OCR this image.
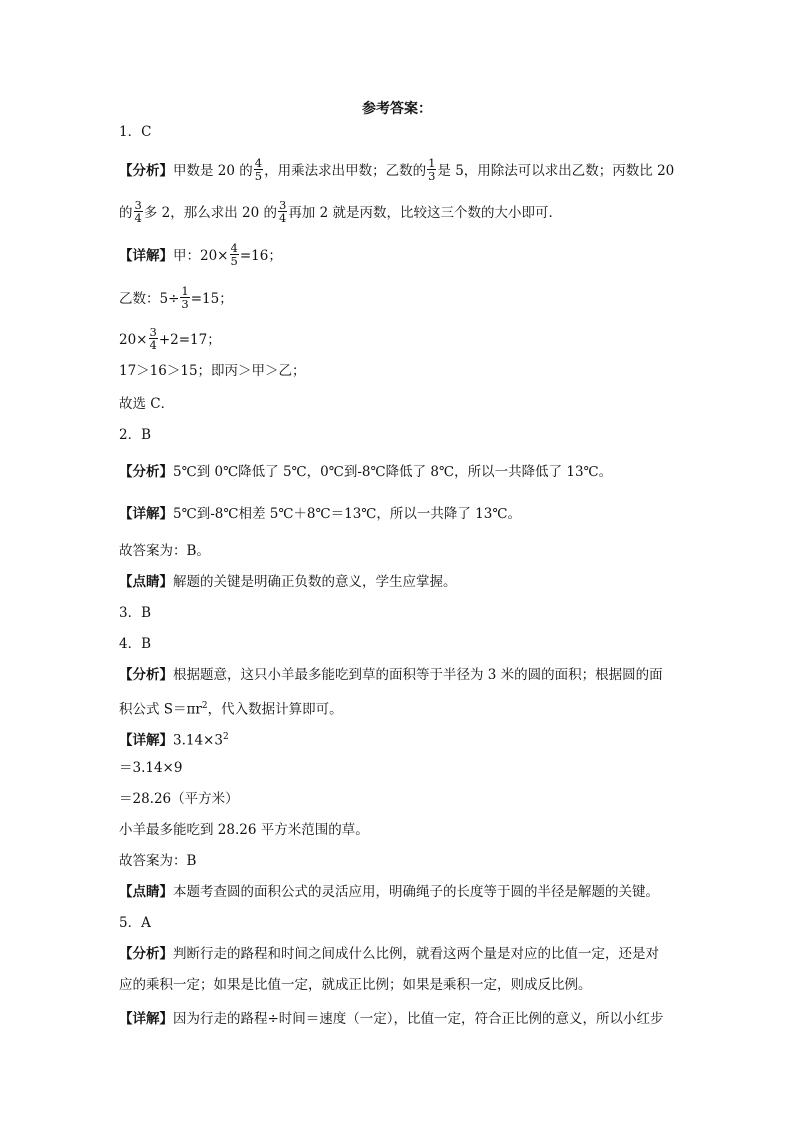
参考答案：
1．C
【分析】甲数是 20 的 $\frac{4}{5}$ ，用乘法求出甲数；乙数的 $\frac{1}{3}$ 是 5，用除法可以求出乙数；丙数比 20
的 $\frac{3}{4}$ 多 2，那么求出 20 的 $\frac{3}{4}$ 再加 2 就是丙数，比较这三个数的大小即可．
【详解】甲：$20\times \frac{4}{5} =16$；
乙数：$5\div \frac{1}{3} =15$；
$20\times \frac{3}{4} +2=17$；
17＞16＞15；即丙＞甲＞乙；
故选 C．
2．B
【分析】5℃到 0℃降低了 5℃，0℃到-8℃降低了 8℃，所以一共降低了 13℃。
【详解】5℃到-8℃相差 5℃＋8℃＝13℃，所以一共降了 13℃。
故答案为：B。
【点睛】解题的关键是明确正负数的意义，学生应掌握。
3．B
4．B
【分析】根据题意，这只小羊最多能吃到草的面积等于半径为 3 米的圆的面积；根据圆的面
积公式 $S=\pi r^2$，代入数据计算即可。
【详解】$3.14\times 3^2$
＝3.14×9
＝28.26（平方米）
小羊最多能吃到 28.26 平方米范围的草。
故答案为：B
【点睛】本题考查圆的面积公式的灵活应用，明确绳子的长度等于圆的半径是解题的关键。
5．A
【分析】判断行走的路程和时间之间成什么比例，就看这两个量是对应的比值一定，还是对
应的乘积一定；如果是比值一定，就成正比例；如果是乘积一定，则成反比例。
【详解】因为行走的路程÷时间＝速度（一定），比值一定，符合正比例的意义，所以小红步
